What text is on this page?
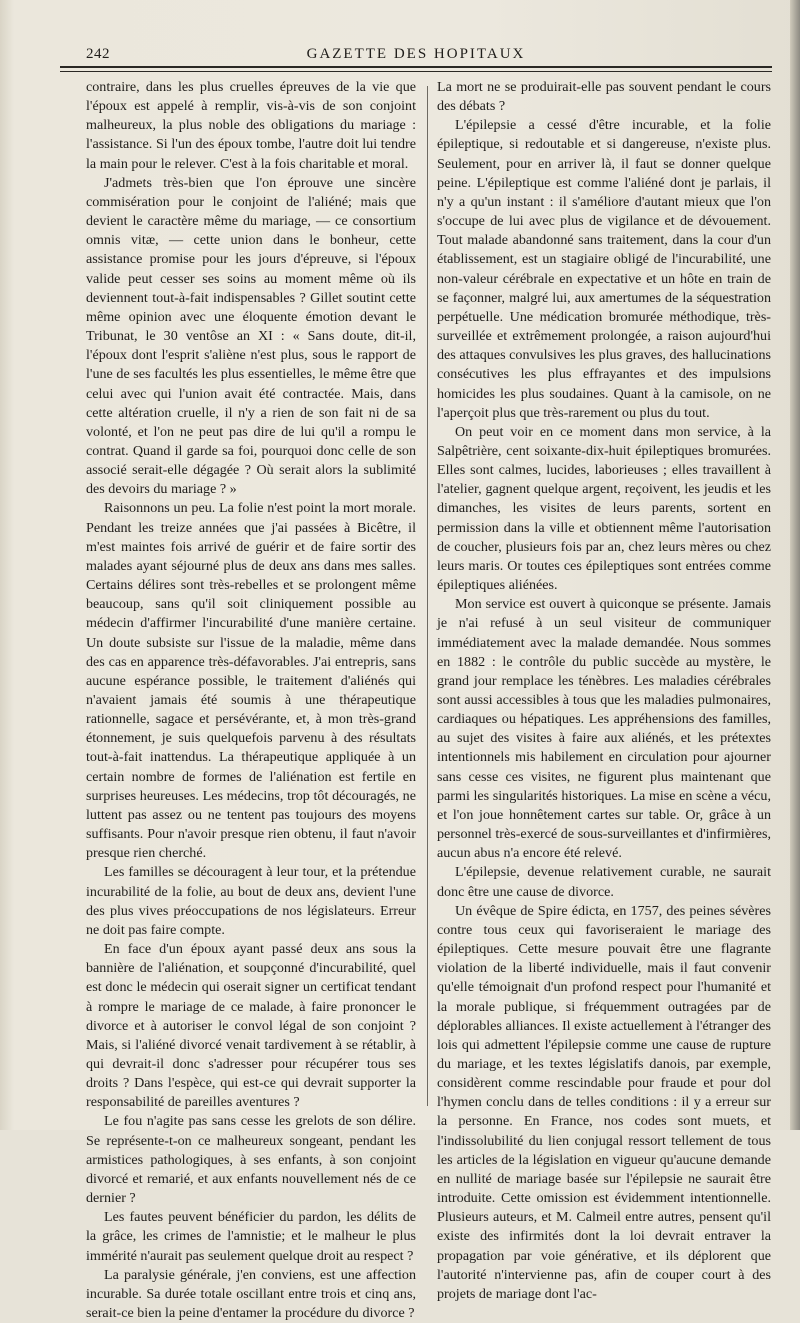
242	GAZETTE DES HOPITAUX

contraire, dans les plus cruelles épreuves de la vie que l'époux est appelé à remplir, vis-à-vis de son conjoint malheureux, la plus noble des obligations du mariage : l'assistance. Si l'un des époux tombe, l'autre doit lui tendre la main pour le relever. C'est à la fois charitable et moral.

J'admets très-bien que l'on éprouve une sincère commisération pour le conjoint de l'aliéné; mais que devient le caractère même du mariage, — ce consortium omnis vitæ, — cette union dans le bonheur, cette assistance promise pour les jours d'épreuve, si l'époux valide peut cesser ses soins au moment même où ils deviennent tout-à-fait indispensables ? Gillet soutint cette même opinion avec une éloquente émotion devant le Tribunat, le 30 ventôse an XI : « Sans doute, dit-il, l'époux dont l'esprit s'aliène n'est plus, sous le rapport de l'une de ses facultés les plus essentielles, le même être que celui avec qui l'union avait été contractée. Mais, dans cette altération cruelle, il n'y a rien de son fait ni de sa volonté, et l'on ne peut pas dire de lui qu'il a rompu le contrat. Quand il garde sa foi, pourquoi donc celle de son associé serait-elle dégagée ? Où serait alors la sublimité des devoirs du mariage ? »

Raisonnons un peu. La folie n'est point la mort morale. Pendant les treize années que j'ai passées à Bicêtre, il m'est maintes fois arrivé de guérir et de faire sortir des malades ayant séjourné plus de deux ans dans mes salles. Certains délires sont très-rebelles et se prolongent même beaucoup, sans qu'il soit cliniquement possible au médecin d'affirmer l'incurabilité d'une manière certaine. Un doute subsiste sur l'issue de la maladie, même dans des cas en apparence très-défavorables. J'ai entrepris, sans aucune espérance possible, le traitement d'aliénés qui n'avaient jamais été soumis à une thérapeutique rationnelle, sagace et persévérante, et, à mon très-grand étonnement, je suis quelquefois parvenu à des résultats tout-à-fait inattendus. La thérapeutique appliquée à un certain nombre de formes de l'aliénation est fertile en surprises heureuses. Les médecins, trop tôt découragés, ne luttent pas assez ou ne tentent pas toujours des moyens suffisants. Pour n'avoir presque rien obtenu, il faut n'avoir presque rien cherché.

Les familles se découragent à leur tour, et la prétendue incurabilité de la folie, au bout de deux ans, devient l'une des plus vives préoccupations de nos législateurs. Erreur ne doit pas faire compte.

En face d'un époux ayant passé deux ans sous la bannière de l'aliénation, et soupçonné d'incurabilité, quel est donc le médecin qui oserait signer un certificat tendant à rompre le mariage de ce malade, à faire prononcer le divorce et à autoriser le convol légal de son conjoint ? Mais, si l'aliéné divorcé venait tardivement à se rétablir, à qui devrait-il donc s'adresser pour récupérer tous ses droits ? Dans l'espèce, qui est-ce qui devrait supporter la responsabilité de pareilles aventures ?

Le fou n'agite pas sans cesse les grelots de son délire. Se représente-t-on ce malheureux songeant, pendant les armistices pathologiques, à ses enfants, à son conjoint divorcé et remarié, et aux enfants nouvellement nés de ce dernier ?

Les fautes peuvent bénéficier du pardon, les délits de la grâce, les crimes de l'amnistie; et le malheur le plus immérité n'aurait pas seulement quelque droit au respect ?

La paralysie générale, j'en conviens, est une affection incurable. Sa durée totale oscillant entre trois et cinq ans, serait-ce bien la peine d'entamer la procédure du divorce ?

La mort ne se produirait-elle pas souvent pendant le cours des débats ?

L'épilepsie a cessé d'être incurable, et la folie épileptique, si redoutable et si dangereuse, n'existe plus. Seulement, pour en arriver là, il faut se donner quelque peine. L'épileptique est comme l'aliéné dont je parlais, il n'y a qu'un instant : il s'améliore d'autant mieux que l'on s'occupe de lui avec plus de vigilance et de dévouement. Tout malade abandonné sans traitement, dans la cour d'un établissement, est un stagiaire obligé de l'incurabilité, une non-valeur cérébrale en expectative et un hôte en train de se façonner, malgré lui, aux amertumes de la séquestration perpétuelle. Une médication bromurée méthodique, très-surveillée et extrêmement prolongée, a raison aujourd'hui des attaques convulsives les plus graves, des hallucinations consécutives les plus effrayantes et des impulsions homicides les plus soudaines. Quant à la camisole, on ne l'aperçoit plus que très-rarement ou plus du tout.

On peut voir en ce moment dans mon service, à la Salpêtrière, cent soixante-dix-huit épileptiques bromurées. Elles sont calmes, lucides, laborieuses ; elles travaillent à l'atelier, gagnent quelque argent, reçoivent, les jeudis et les dimanches, les visites de leurs parents, sortent en permission dans la ville et obtiennent même l'autorisation de coucher, plusieurs fois par an, chez leurs mères ou chez leurs maris. Or toutes ces épileptiques sont entrées comme épileptiques aliénées.

Mon service est ouvert à quiconque se présente. Jamais je n'ai refusé à un seul visiteur de communiquer immédiatement avec la malade demandée. Nous sommes en 1882 : le contrôle du public succède au mystère, le grand jour remplace les ténèbres. Les maladies cérébrales sont aussi accessibles à tous que les maladies pulmonaires, cardiaques ou hépatiques. Les appréhensions des familles, au sujet des visites à faire aux aliénés, et les prétextes intentionnels mis habilement en circulation pour ajourner sans cesse ces visites, ne figurent plus maintenant que parmi les singularités historiques. La mise en scène a vécu, et l'on joue honnêtement cartes sur table. Or, grâce à un personnel très-exercé de sous-surveillantes et d'infirmières, aucun abus n'a encore été relevé.

L'épilepsie, devenue relativement curable, ne saurait donc être une cause de divorce.

Un évêque de Spire édicta, en 1757, des peines sévères contre tous ceux qui favoriseraient le mariage des épileptiques. Cette mesure pouvait être une flagrante violation de la liberté individuelle, mais il faut convenir qu'elle témoignait d'un profond respect pour l'humanité et la morale publique, si fréquemment outragées par de déplorables alliances. Il existe actuellement à l'étranger des lois qui admettent l'épilepsie comme une cause de rupture du mariage, et les textes législatifs danois, par exemple, considèrent comme rescindable pour fraude et pour dol l'hymen conclu dans de telles conditions : il y a erreur sur la personne. En France, nos codes sont muets, et l'indissolubilité du lien conjugal ressort tellement de tous les articles de la législation en vigueur qu'aucune demande en nullité de mariage basée sur l'épilepsie ne saurait être introduite. Cette omission est évidemment intentionnelle. Plusieurs auteurs, et M. Calmeil entre autres, pensent qu'il existe des infirmités dont la loi devrait entraver la propagation par voie générative, et ils déplorent que l'autorité n'intervienne pas, afin de couper court à des projets de mariage dont l'ac-
